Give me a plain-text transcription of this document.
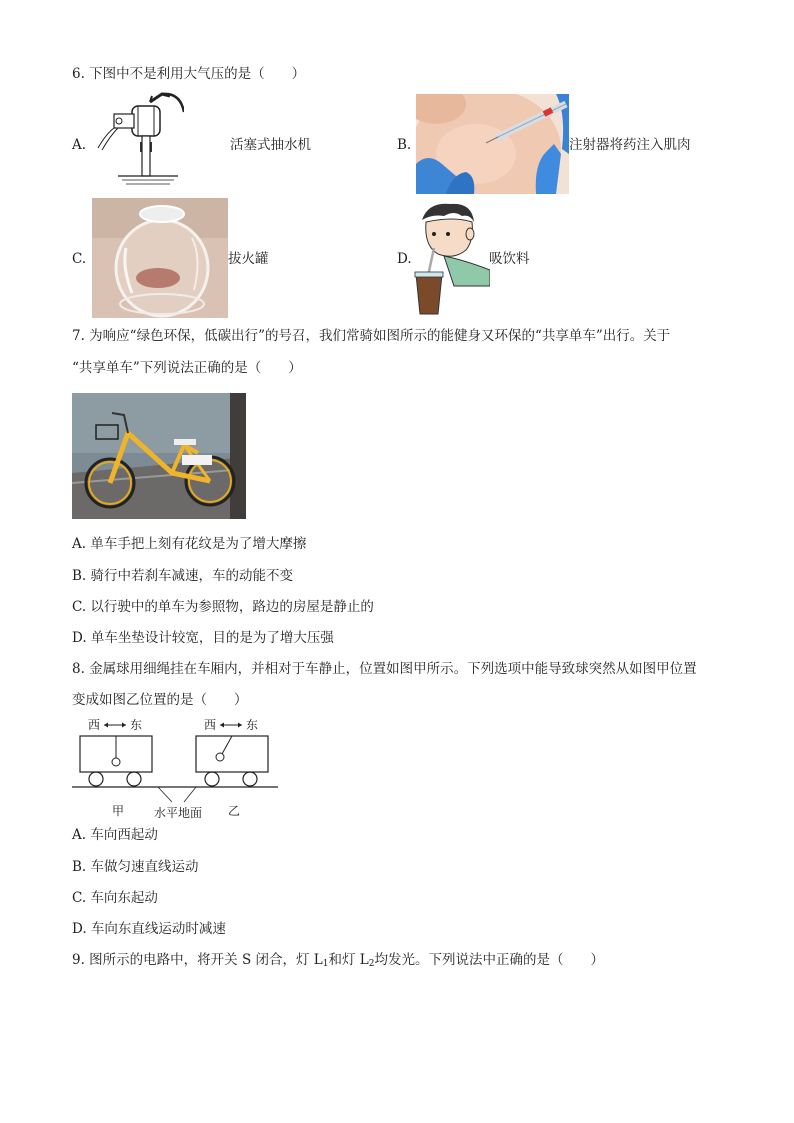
6. 下图中不是利用大气压的是（　　）
A.	活塞式抽水机	B.	注射器将药注入肌肉
C.	拔火罐	D.	吸饮料
7. 为响应“绿色环保，低碳出行”的号召，我们常骑如图所示的能健身又环保的“共享单车”出行。关于
“共享单车”下列说法正确的是（　　）
A. 单车手把上刻有花纹是为了增大摩擦
B. 骑行中若刹车减速，车的动能不变
C. 以行驶中的单车为参照物，路边的房屋是静止的
D. 单车坐垫设计较宽，目的是为了增大压强
8. 金属球用细绳挂在车厢内，并相对于车静止，位置如图甲所示。下列选项中能导致球突然从如图甲位置
变成如图乙位置的是（　　）
西 东	西 东
甲 水平地面 乙
A. 车向西起动
B. 车做匀速直线运动
C. 车向东起动
D. 车向东直线运动时减速
9. 图所示的电路中，将开关 S 闭合，灯 $L_1$和灯 $L_2$均发光。下列说法中正确的是（　　）
